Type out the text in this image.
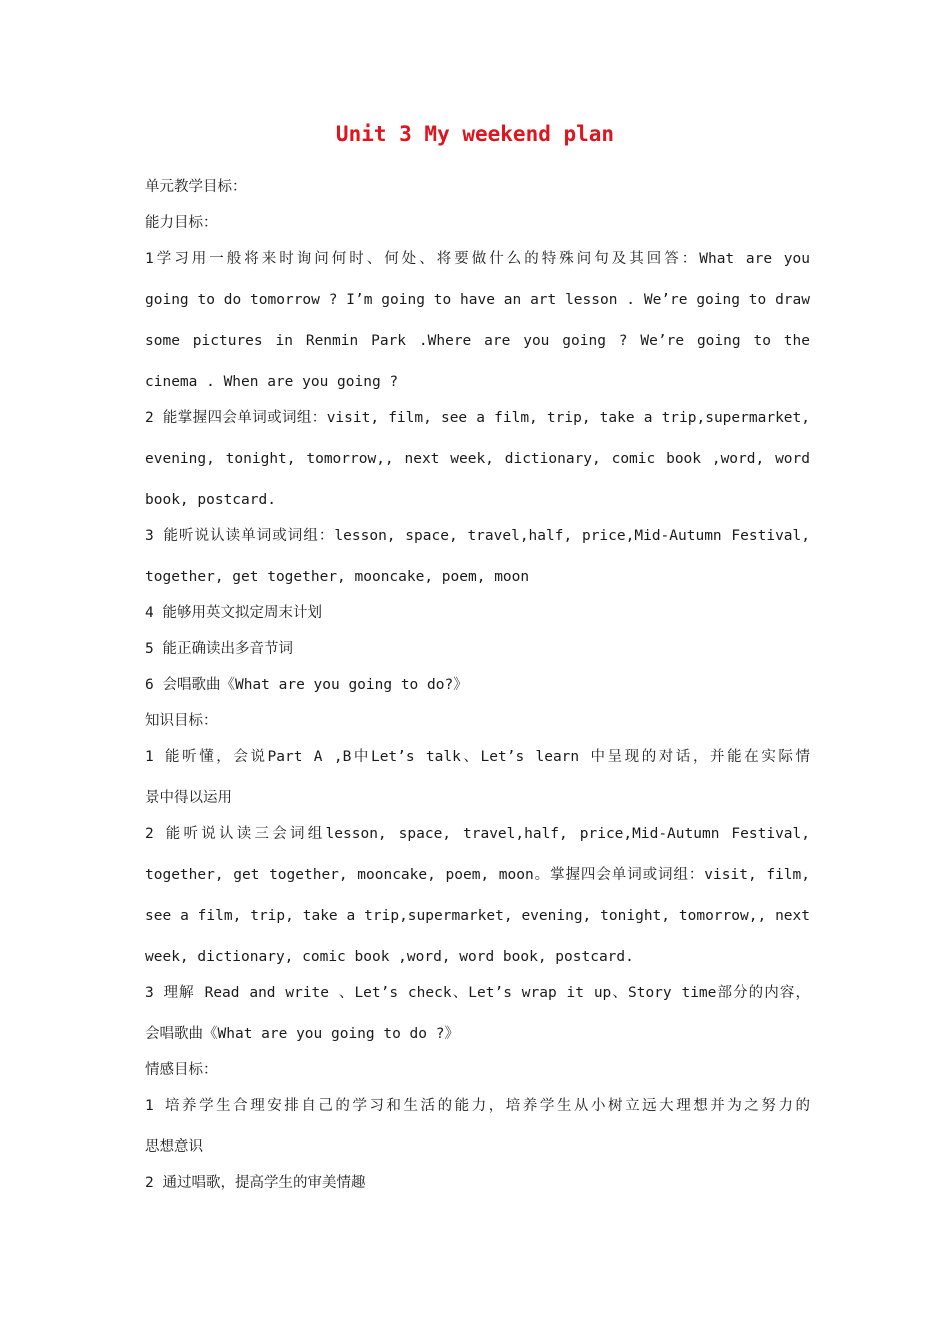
Unit 3 My weekend plan
单元教学目标：
能力目标：
1学习用一般将来时询问何时、何处、将要做什么的特殊问句及其回答：What are you
going to do tomorrow ? I’m going to have an art lesson . We’re going to draw
some pictures in Renmin Park .Where are you going ? We’re going to the
cinema . When are you going ?
2 能掌握四会单词或词组：visit, film, see a film, trip, take a trip,supermarket,
evening, tonight, tomorrow,, next week, dictionary, comic book ,word, word
book, postcard.
3 能听说认读单词或词组：lesson, space, travel,half, price,Mid-Autumn Festival,
together, get together, mooncake, poem, moon
4 能够用英文拟定周末计划
5 能正确读出多音节词
6 会唱歌曲《What are you going to do?》
知识目标：
1 能听懂，会说Part A ,B中Let’s talk、Let’s learn 中呈现的对话，并能在实际情
景中得以运用
2 能听说认读三会词组lesson, space, travel,half, price,Mid-Autumn Festival,
together, get together, mooncake, poem, moon。掌握四会单词或词组：visit, film,
see a film, trip, take a trip,supermarket, evening, tonight, tomorrow,, next
week, dictionary, comic book ,word, word book, postcard.
3 理解 Read and write 、Let’s check、Let’s wrap it up、Story time部分的内容，
会唱歌曲《What are you going to do ?》
情感目标：
1 培养学生合理安排自己的学习和生活的能力，培养学生从小树立远大理想并为之努力的
思想意识
2 通过唱歌，提高学生的审美情趣
